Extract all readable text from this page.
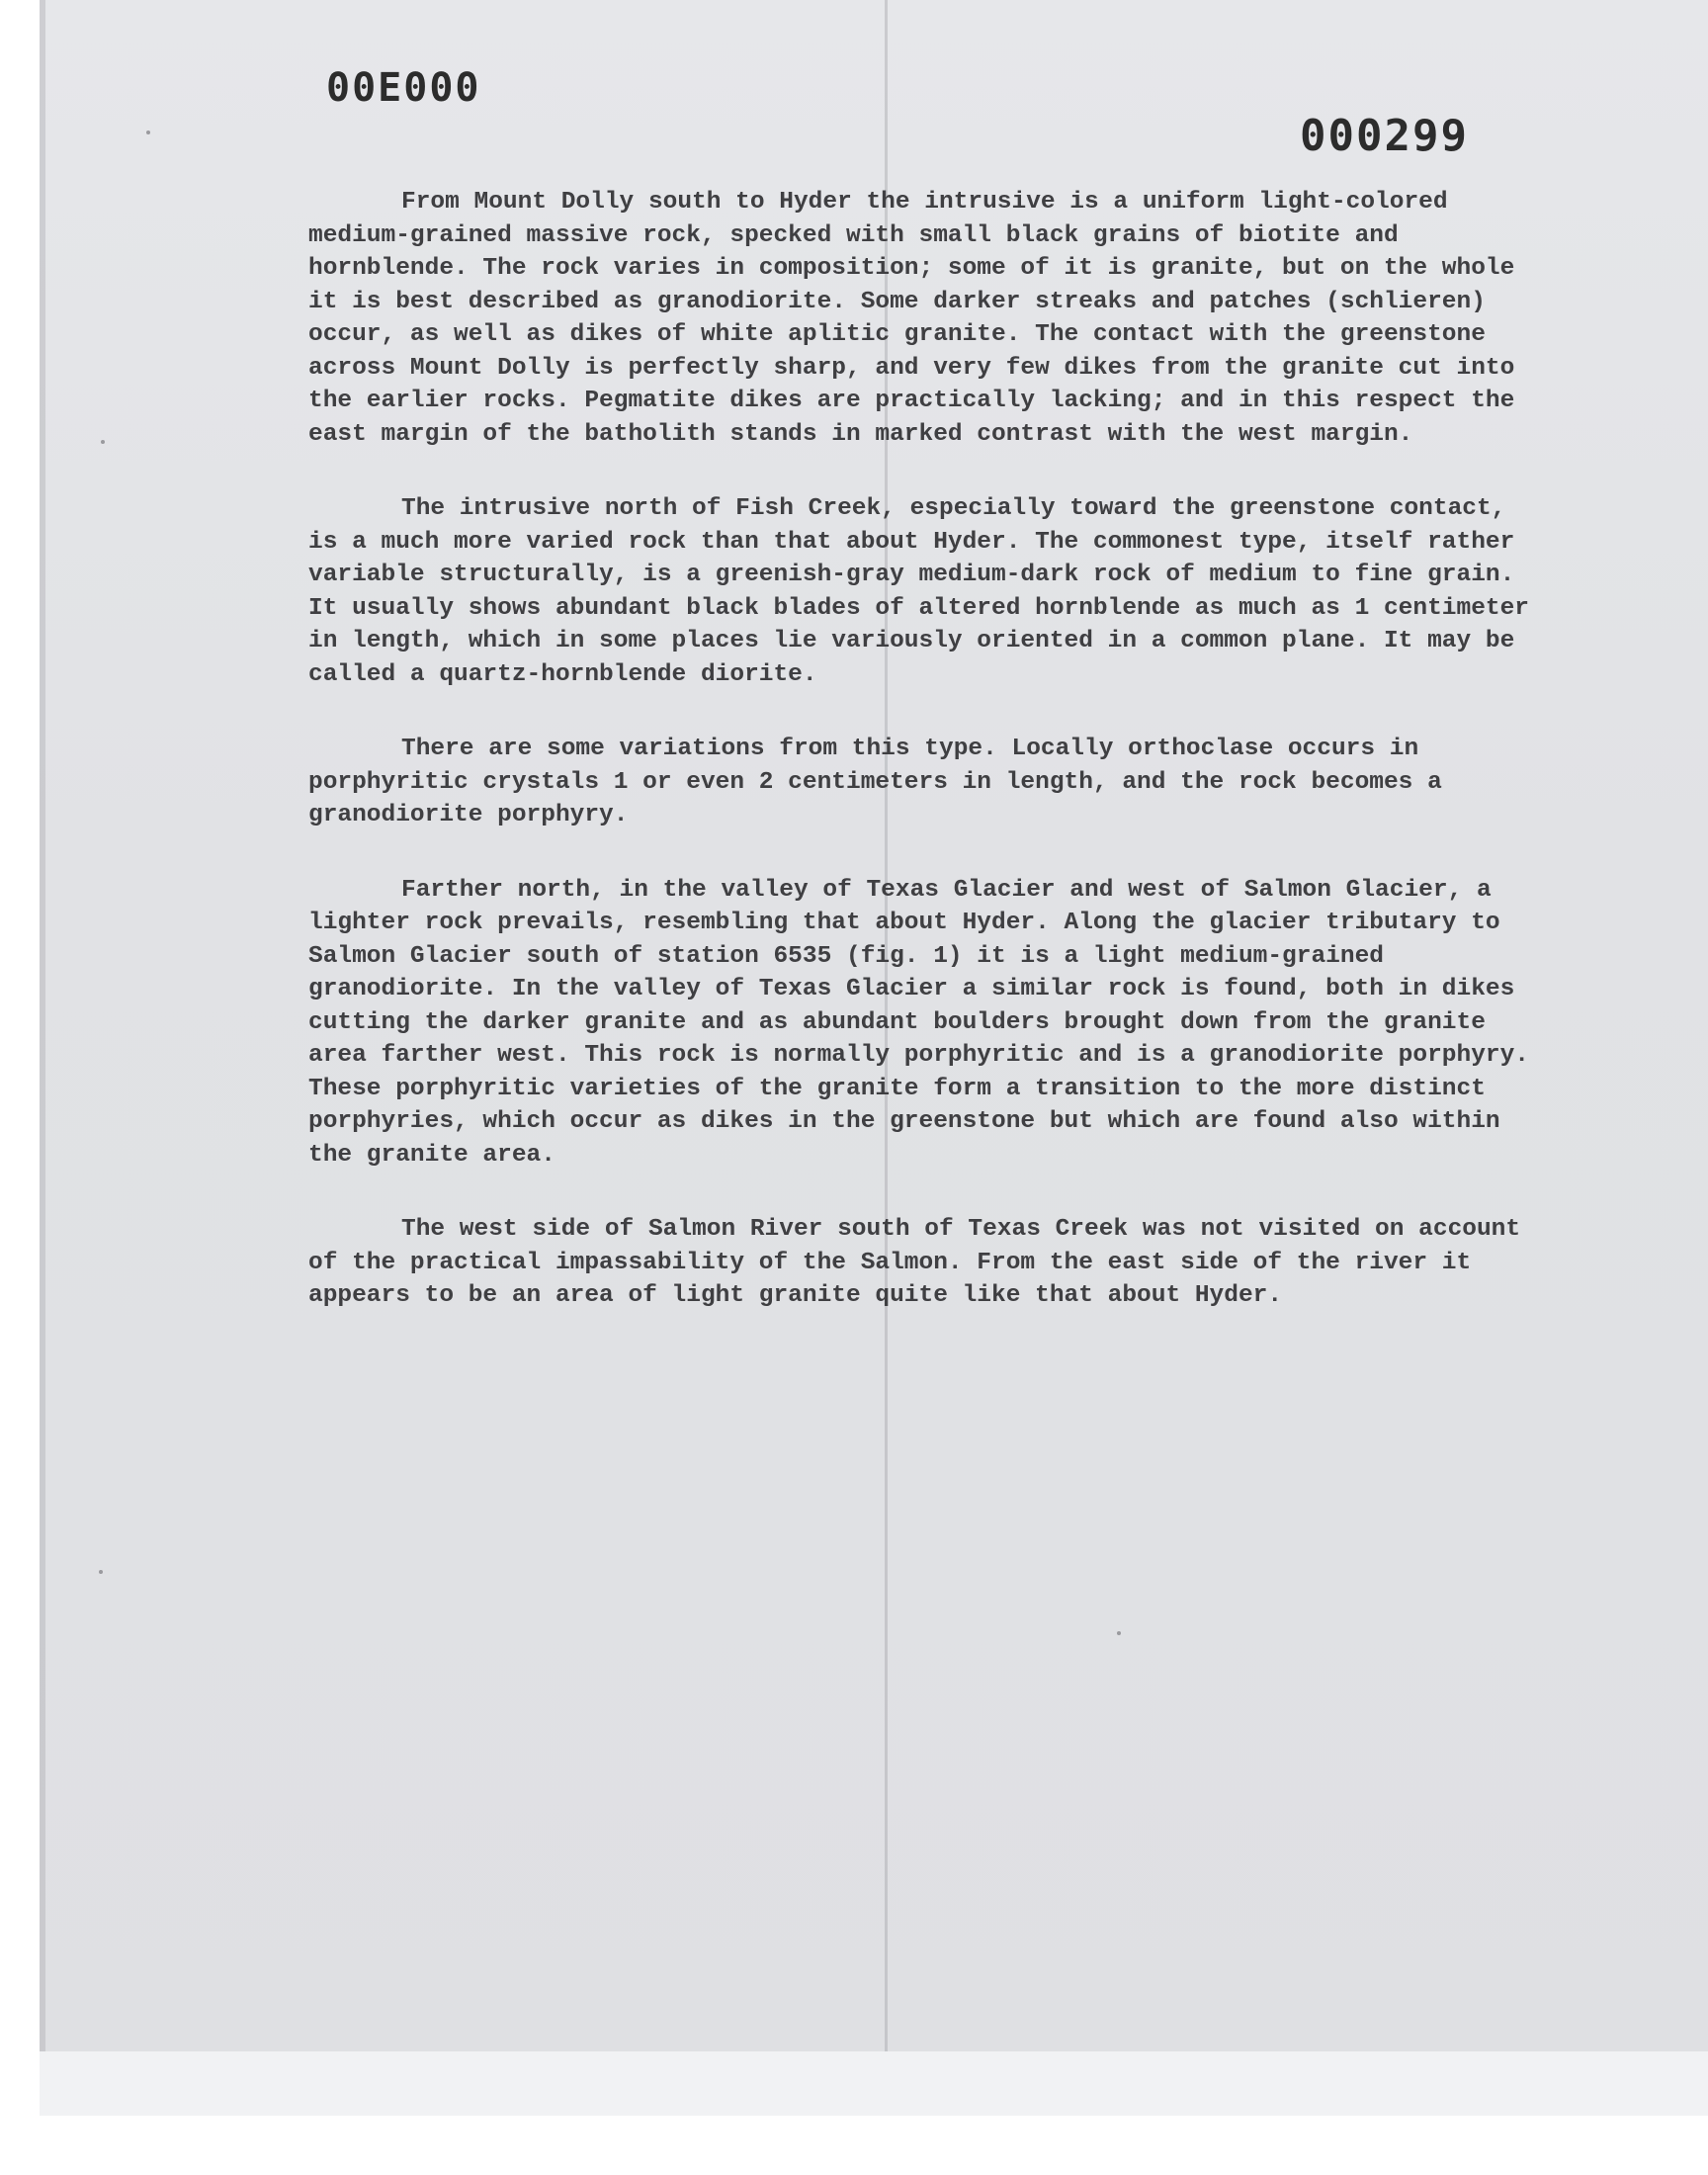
00E000
000299

From Mount Dolly south to Hyder the intrusive is a uniform light-colored medium-grained massive rock, specked with small black grains of biotite and hornblende. The rock varies in composition; some of it is granite, but on the whole it is best described as granodiorite. Some darker streaks and patches (schlieren) occur, as well as dikes of white aplitic granite. The contact with the greenstone across Mount Dolly is perfectly sharp, and very few dikes from the granite cut into the earlier rocks. Pegmatite dikes are practically lacking; and in this respect the east margin of the batholith stands in marked contrast with the west margin.

The intrusive north of Fish Creek, especially toward the greenstone contact, is a much more varied rock than that about Hyder. The commonest type, itself rather variable structurally, is a greenish-gray medium-dark rock of medium to fine grain. It usually shows abundant black blades of altered hornblende as much as 1 centimeter in length, which in some places lie variously oriented in a common plane. It may be called a quartz-hornblende diorite.

There are some variations from this type. Locally orthoclase occurs in porphyritic crystals 1 or even 2 centimeters in length, and the rock becomes a granodiorite porphyry.

Farther north, in the valley of Texas Glacier and west of Salmon Glacier, a lighter rock prevails, resembling that about Hyder. Along the glacier tributary to Salmon Glacier south of station 6535 (fig. 1) it is a light medium-grained granodiorite. In the valley of Texas Glacier a similar rock is found, both in dikes cutting the darker granite and as abundant boulders brought down from the granite area farther west. This rock is normally porphyritic and is a granodiorite porphyry. These porphyritic varieties of the granite form a transition to the more distinct porphyries, which occur as dikes in the greenstone but which are found also within the granite area.

The west side of Salmon River south of Texas Creek was not visited on account of the practical impassability of the Salmon. From the east side of the river it appears to be an area of light granite quite like that about Hyder.
